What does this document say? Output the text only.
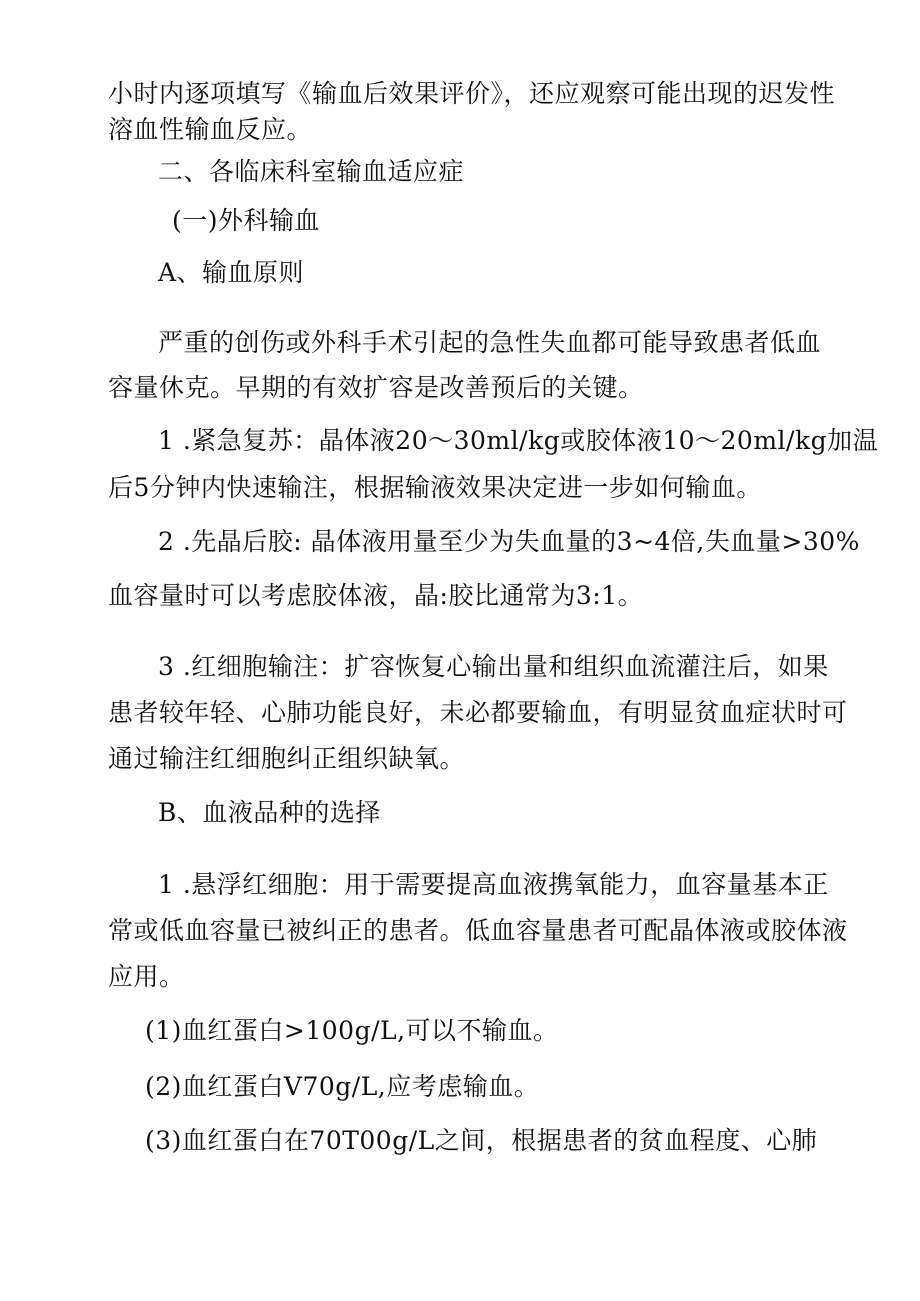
小时内逐项填写《输血后效果评价》，还应观察可能出现的迟发性
溶血性输血反应。
二、各临床科室输血适应症
(一)外科输血
A、输血原则
严重的创伤或外科手术引起的急性失血都可能导致患者低血
容量休克。早期的有效扩容是改善预后的关键。
1 .紧急复苏：晶体液20～30ml/kg或胶体液10～20ml/kg加温
后5分钟内快速输注，根据输液效果决定进一步如何输血。
2 .先晶后胶: 晶体液用量至少为失血量的3~4倍,失血量>30%
血容量时可以考虑胶体液，晶:胶比通常为3:1。
3 .红细胞输注：扩容恢复心输出量和组织血流灌注后，如果
患者较年轻、心肺功能良好，未必都要输血，有明显贫血症状时可
通过输注红细胞纠正组织缺氧。
B、血液品种的选择
1 .悬浮红细胞：用于需要提高血液携氧能力，血容量基本正
常或低血容量已被纠正的患者。低血容量患者可配晶体液或胶体液
应用。
(1)血红蛋白>100g/L,可以不输血。
(2)血红蛋白V70g/L,应考虑输血。
(3)血红蛋白在70T00g/L之间，根据患者的贫血程度、心肺
